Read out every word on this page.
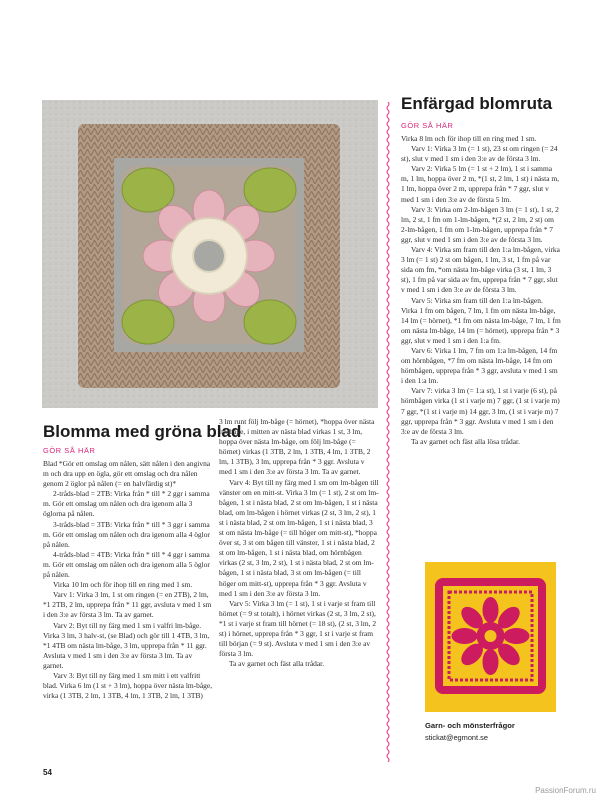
Blomma med gröna blad
GÖR SÅ HÄR

Blad *Gör ett omslag om nålen, sätt nålen i den angivna m och dra upp en ögla, gör ett omslag och dra nålen genom 2 öglor på nålen (= en halvfärdig st)*

2-tråds-blad = 2TB: Virka från * till * 2 ggr i samma m. Gör ett omslag om nålen och dra igenom alla 3 öglorna på nålen.

3-tråds-blad = 3TB: Virka från * till * 3 ggr i samma m. Gör ett omslag om nålen och dra igenom alla 4 öglor på nålen.

4-tråds-blad = 4TB: Virka från * till * 4 ggr i samma m. Gör ett omslag om nålen och dra igenom alla 5 öglor på nålen.

Virka 10 lm och för ihop till en ring med 1 sm.

Varv 1: Virka 3 lm, 1 st om ringen (= en 2TB), 2 lm, *1 2TB, 2 lm, upprepa från * 11 ggr, avsluta v med 1 sm i den 3:e av första 3 lm. Ta av garnet.

Varv 2: Byt till ny färg med 1 sm i valfri lm-båge. Virka 3 lm, 3 halv-st, (se Blad) och gör till 1 4TB, 3 lm, *1 4TB om nästa lm-båge, 3 lm, upprepa från * 11 ggr. Avsluta v med 1 sm i den 3:e av första 3 lm. Ta av garnet.

Varv 3: Byt till ny färg med 1 sm mitt i ett valfritt blad. Virka 6 lm (1 st + 3 lm), hoppa över nästa lm-båge, virka (1 3TB, 2 lm, 1 3TB, 4 lm, 1 3TB, 2 lm, 1 3TB)

3 lm runt följ lm-båge (= hörnet), *hoppa över nästa lm-båge, i mitten av nästa blad virkas 1 st, 3 lm, hoppa över nästa lm-båge, om följ lm-båge (= hörnet) virkas (1 3TB, 2 lm, 1 3TB, 4 lm, 1 3TB, 2 lm, 1 3TB), 3 lm, upprepa från * 3 ggr. Avsluta v med 1 sm i den 3:e av första 3 lm. Ta av garnet.

Varv 4: Byt till ny färg med 1 sm om lm-bågen till vänster om en mitt-st. Virka 3 lm (= 1 st), 2 st om lm-bågen, 1 st i nästa blad, 2 st om lm-bågen, 1 st i nästa blad, om lm-bågen i hörnet virkas (2 st, 3 lm, 2 st), 1 st i nästa blad, 2 st om lm-bågen, 1 st i nästa blad, 3 st om nästa lm-båge (= till höger om mitt-st), *hoppa över st, 3 st om bågen till vänster, 1 st i nästa blad, 2 st om lm-bågen, 1 st i nästa blad, om hörnbågen virkas (2 st, 3 lm, 2 st), 1 st i nästa blad, 2 st om lm-bågen, 1 st i nästa blad, 3 st om lm-bågen (= till höger om mitt-st), upprepa från * 3 ggr. Avsluta v med 1 sm i den 3:e av första 3 lm.

Varv 5: Virka 3 lm (= 1 st), 1 st i varje st fram till hörnet (= 9 st totalt), i hörnet virkas (2 st, 3 lm, 2 st), *1 st i varje st fram till hörnet (= 18 st), (2 st, 3 lm, 2 st) i hörnet, upprepa från * 3 ggr, 1 st i varje st fram till början (= 9 st). Avsluta v med 1 sm i den 3:e av första 3 lm.

Ta av garnet och fäst alla trådar.

Enfärgad blomruta
GÖR SÅ HÄR

Virka 8 lm och för ihop till en ring med 1 sm.

Varv 1: Virka 3 lm (= 1 st), 23 st om ringen (= 24 st), slut v med 1 sm i den 3:e av de första 3 lm.

Varv 2: Virka 5 lm (= 1 st + 2 lm), 1 st i samma m, 1 lm, hoppa över 2 m, *(1 st, 2 lm, 1 st) i nästa m, 1 lm, hoppa över 2 m, upprepa från * 7 ggr, slut v med 1 sm i den 3:e av de första 5 lm.

Varv 3: Virka om 2-lm-bågen 3 lm (= 1 st), 1 st, 2 lm, 2 st, 1 fm om 1-lm-bågen, *(2 st, 2 lm, 2 st) om 2-lm-bågen, 1 fm om 1-lm-bågen, upprepa från * 7 ggr, slut v med 1 sm i den 3:e av de första 3 lm.

Varv 4: Virka sm fram till den 1:a lm-bågen, virka 3 lm (= 1 st) 2 st om bågen, 1 lm, 3 st, 1 fm på var sida om fm, *om nästa lm-båge virka (3 st, 1 lm, 3 st), 1 fm på var sida av fm, upprepa från * 7 ggr, slut v med 1 sm i den 3:e av de första 3 lm.

Varv 5: Virka sm fram till den 1:a lm-bågen. Virka 1 fm om bågen, 7 lm, 1 fm om nästa lm-båge, 14 lm (= hörnet), *1 fm om nästa lm-båge, 7 lm, 1 fm om nästa lm-båge, 14 lm (= hörnet), upprepa från * 3 ggr, slut v med 1 sm i den 1:a fm.

Varv 6: Virka 1 lm, 7 fm om 1:a lm-bågen, 14 fm om hörnbågen, *7 fm om nästa lm-båge, 14 fm om hörnbågen, upprepa från * 3 ggr, avsluta v med 1 sm i den 1:a lm.

Varv 7: virka 3 lm (= 1:a st), 1 st i varje (6 st), på hörnbågen virka (1 st i varje m) 7 ggr, (1 st i varje m) 7 ggr, *(1 st i varje m) 14 ggr, 3 lm, (1 st i varje m) 7 ggr, upprepa från * 3 ggr. Avsluta v med 1 sm i den 3:e av de första 3 lm.

Ta av garnet och fäst alla lösa trådar.

Garn- och mönsterfrågor
stickat@egmont.se
54
PassionForum.ru
